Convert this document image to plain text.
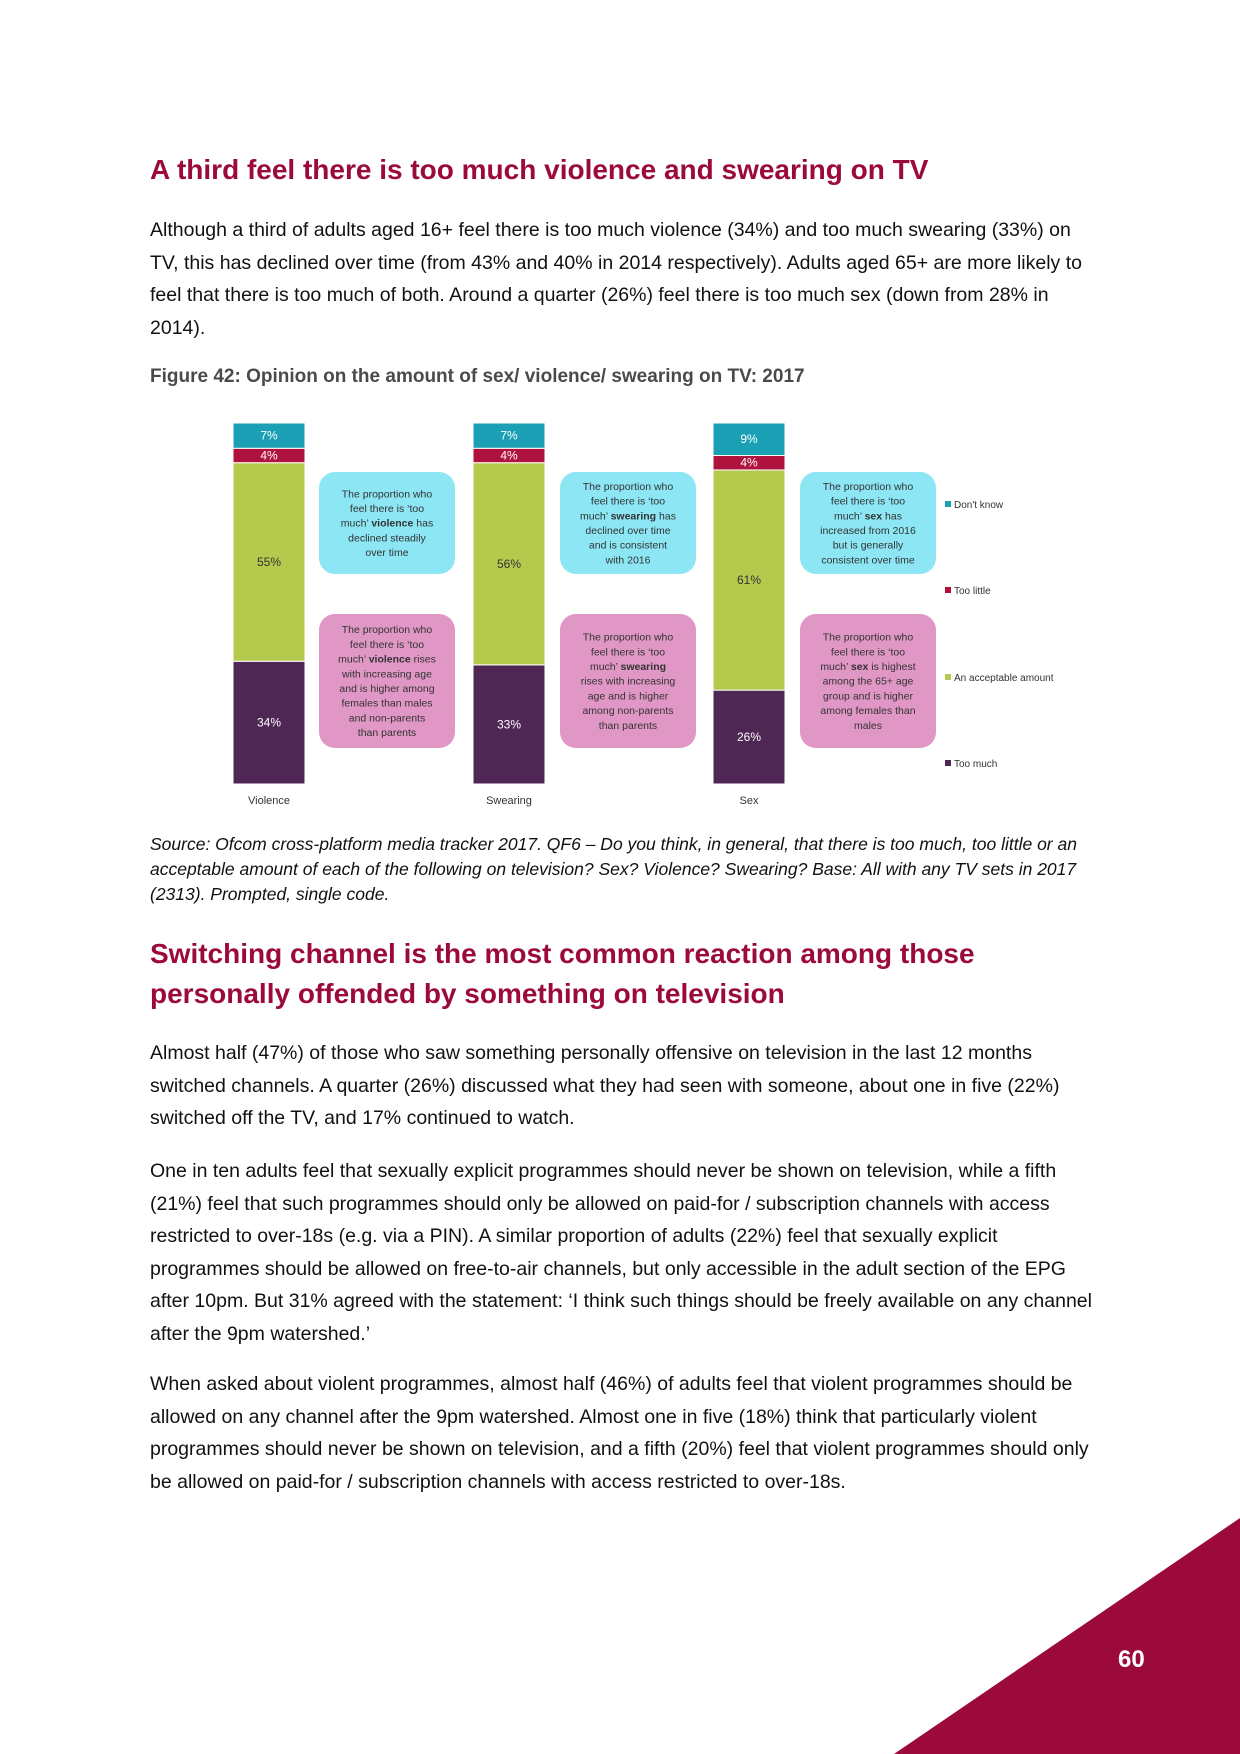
A third feel there is too much violence and swearing on TV

Although a third of adults aged 16+ feel there is too much violence (34%) and too much swearing (33%) on TV, this has declined over time (from 43% and 40% in 2014 respectively). Adults aged 65+ are more likely to feel that there is too much of both. Around a quarter (26%) feel there is too much sex (down from 28% in 2014).

Figure 42: Opinion on the amount of sex/ violence/ swearing on TV: 2017
34%
55%
4%
7%
Violence
33%
56%
4%
7%
Swearing
26%
61%
4%
9%
Sex
The proportion who
feel there is ‘too
much’ violence has
declined steadily
over time
The proportion who
feel there is ‘too
much’ swearing has
declined over time
and is consistent
with 2016
The proportion who
feel there is ‘too
much’ sex has
increased from 2016
but is generally
consistent over time
The proportion who
feel there is ‘too
much’ violence rises
with increasing age
and is higher among
females than males
and non-parents
than parents
The proportion who
feel there is ‘too
much’ swearing
rises with increasing
age and is higher
among non-parents
than parents
The proportion who
feel there is ‘too
much’ sex is highest
among the 65+ age
group and is higher
among females than
males
Don't know
Too little
An acceptable amount
Too much

Source: Ofcom cross-platform media tracker 2017. QF6 – Do you think, in general, that there is too much, too little or an acceptable amount of each of the following on television? Sex? Violence? Swearing? Base: All with any TV sets in 2017 (2313). Prompted, single code.

Switching channel is the most common reaction among those
personally offended by something on television

Almost half (47%) of those who saw something personally offensive on television in the last 12 months switched channels. A quarter (26%) discussed what they had seen with someone, about one in five (22%) switched off the TV, and 17% continued to watch.

One in ten adults feel that sexually explicit programmes should never be shown on television, while a fifth (21%) feel that such programmes should only be allowed on paid-for / subscription channels with access restricted to over-18s (e.g. via a PIN). A similar proportion of adults (22%) feel that sexually explicit programmes should be allowed on free-to-air channels, but only accessible in the adult section of the EPG after 10pm. But 31% agreed with the statement: ‘I think such things should be freely available on any channel after the 9pm watershed.’

When asked about violent programmes, almost half (46%) of adults feel that violent programmes should be allowed on any channel after the 9pm watershed. Almost one in five (18%) think that particularly violent programmes should never be shown on television, and a fifth (20%) feel that violent programmes should only be allowed on paid-for / subscription channels with access restricted to over-18s.

60
